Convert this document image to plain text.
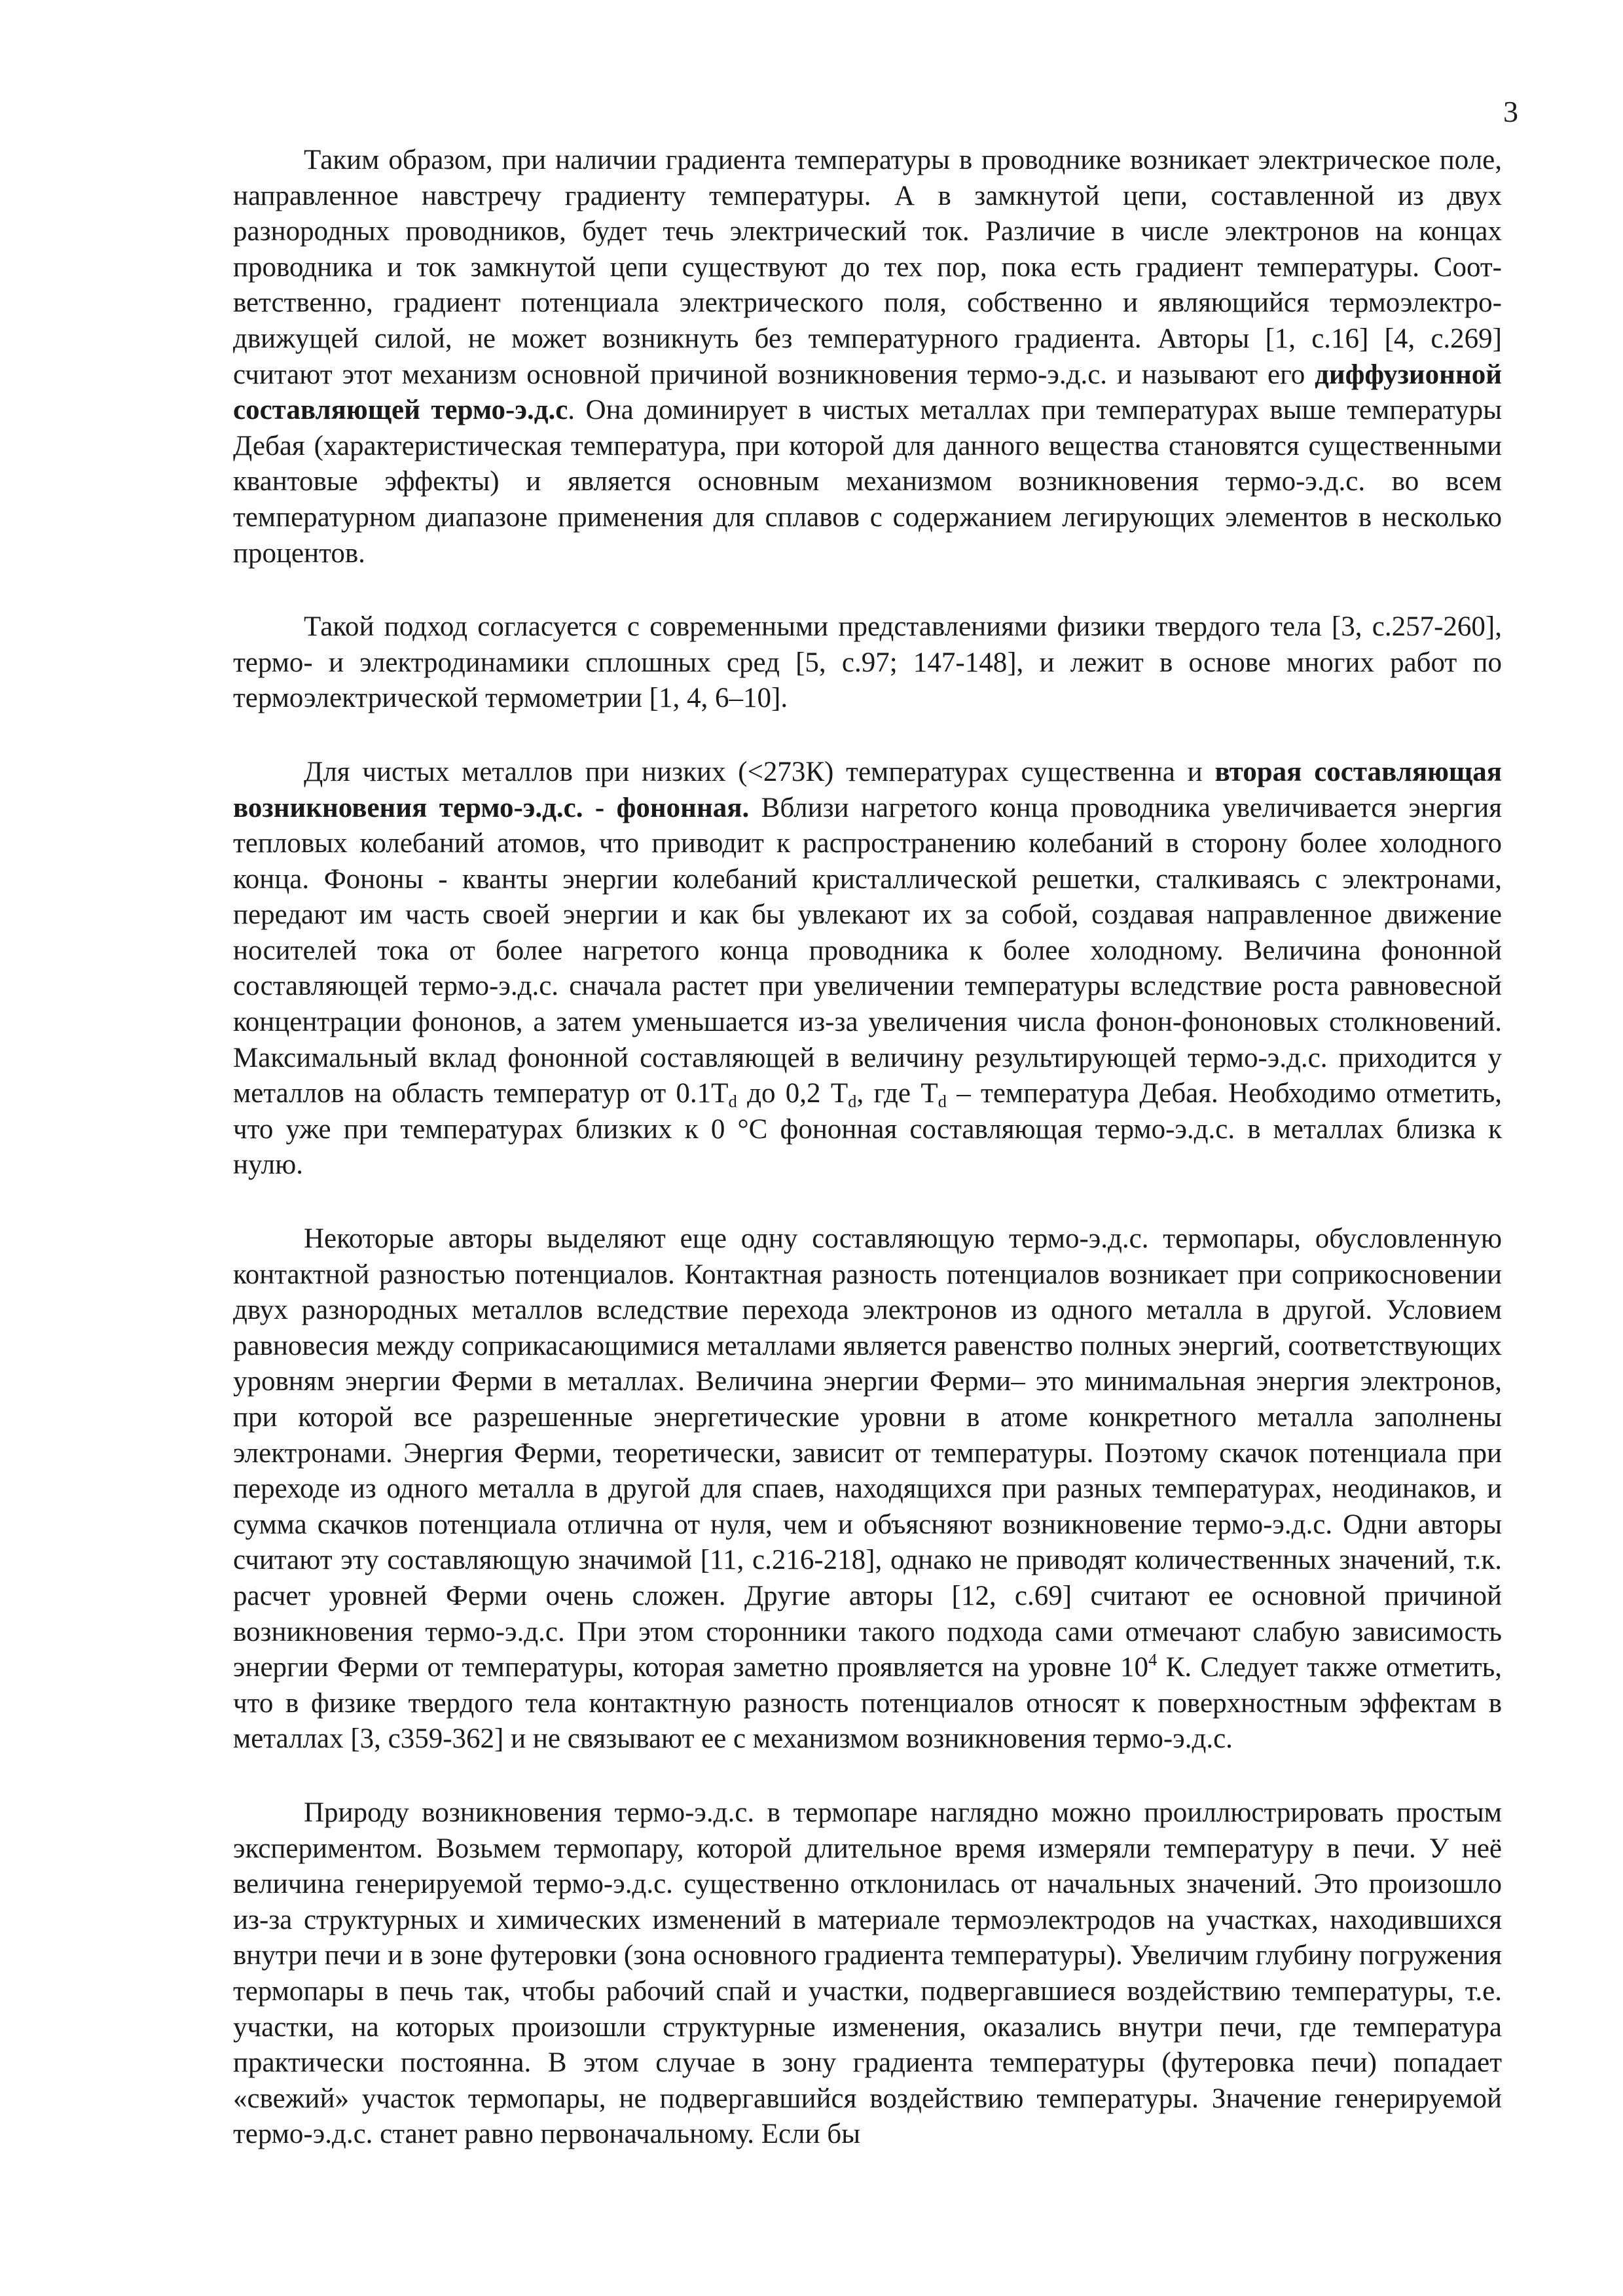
3

Таким образом, при наличии градиента температуры в проводнике возникает электрическое поле, направленное навстречу градиенту температуры. А в замкнутой цепи, составленной из двух разнородных проводников, будет течь электрический ток. Различие в числе электронов на концах проводника и ток замкнутой цепи существуют до тех пор, пока есть градиент температуры. Соответственно, градиент потенциала электрического поля, собственно и являющийся термоэлектродвижущей силой, не может возникнуть без температурного градиента. Авторы [1, с.16] [4, с.269] считают этот механизм основной причиной возникновения термо-э.д.с. и называют его диффузионной составляющей термо-э.д.с. Она доминирует в чистых металлах при температурах выше температуры Дебая (характеристическая температура, при которой для данного вещества становятся существенными квантовые эффекты) и является основным механизмом возникновения термо-э.д.с. во всем температурном диапазоне применения для сплавов с содержанием легирующих элементов в несколько процентов.

Такой подход согласуется с современными представлениями физики твердого тела [3, с.257-260], термо- и электродинамики сплошных сред [5, с.97; 147-148], и лежит в основе многих работ по термоэлектрической термометрии [1, 4, 6–10].

Для чистых металлов при низких (<273К) температурах существенна и вторая составляющая возникновения термо-э.д.с. - фононная. Вблизи нагретого конца проводника увеличивается энергия тепловых колебаний атомов, что приводит к распространению колебаний в сторону более холодного конца. Фононы - кванты энергии колебаний кристаллической решетки, сталкиваясь с электронами, передают им часть своей энергии и как бы увлекают их за собой, создавая направленное движение носителей тока от более нагретого конца проводника к более холодному. Величина фононной составляющей термо-э.д.с. сначала растет при увеличении температуры вследствие роста равновесной концентрации фононов, а затем уменьшается из-за увеличения числа фонон-фононовых столкновений. Максимальный вклад фононной составляющей в величину результирующей термо-э.д.с. приходится у металлов на область температур от $0.1T_d$ до 0,2 $T_d$, где $T_d$ – температура Дебая. Необходимо отметить, что уже при температурах близких к 0 °C фононная составляющая термо-э.д.с. в металлах близка к нулю.

Некоторые авторы выделяют еще одну составляющую термо-э.д.с. термопары, обусловленную контактной разностью потенциалов. Контактная разность потенциалов возникает при соприкосновении двух разнородных металлов вследствие перехода электронов из одного металла в другой. Условием равновесия между соприкасающимися металлами является равенство полных энергий, соответствующих уровням энергии Ферми в металлах. Величина энергии Ферми– это минимальная энергия электронов, при которой все разрешенные энергетические уровни в атоме конкретного металла заполнены электронами. Энергия Ферми, теоретически, зависит от температуры. Поэтому скачок потенциала при переходе из одного металла в другой для спаев, находящихся при разных температурах, неодинаков, и сумма скачков потенциала отлична от нуля, чем и объясняют возникновение термо-э.д.с. Одни авторы считают эту составляющую значимой [11, с.216-218], однако не приводят количественных значений, т.к. расчет уровней Ферми очень сложен. Другие авторы [12, с.69] считают ее основной причиной возникновения термо-э.д.с. При этом сторонники такого подхода сами отмечают слабую зависимость энергии Ферми от температуры, которая заметно проявляется на уровне $10^4$ К. Следует также отметить, что в физике твердого тела контактную разность потенциалов относят к поверхностным эффектам в металлах [3, с359-362] и не связывают ее с механизмом возникновения термо-э.д.с.

Природу возникновения термо-э.д.с. в термопаре наглядно можно проиллюстрировать простым экспериментом. Возьмем термопару, которой длительное время измеряли температуру в печи. У неё величина генерируемой термо-э.д.с. существенно отклонилась от начальных значений. Это произошло из-за структурных и химических изменений в материале термоэлектродов на участках, находившихся внутри печи и в зоне футеровки (зона основного градиента температуры). Увеличим глубину погружения термопары в печь так, чтобы рабочий спай и участки, подвергавшиеся воздействию температуры, т.е. участки, на которых произошли структурные изменения, оказались внутри печи, где температура практически постоянна. В этом случае в зону градиента температуры (футеровка печи) попадает «свежий» участок термопары, не подвергавшийся воздействию температуры. Значение генерируемой термо-э.д.с. станет равно первоначальному. Если бы
